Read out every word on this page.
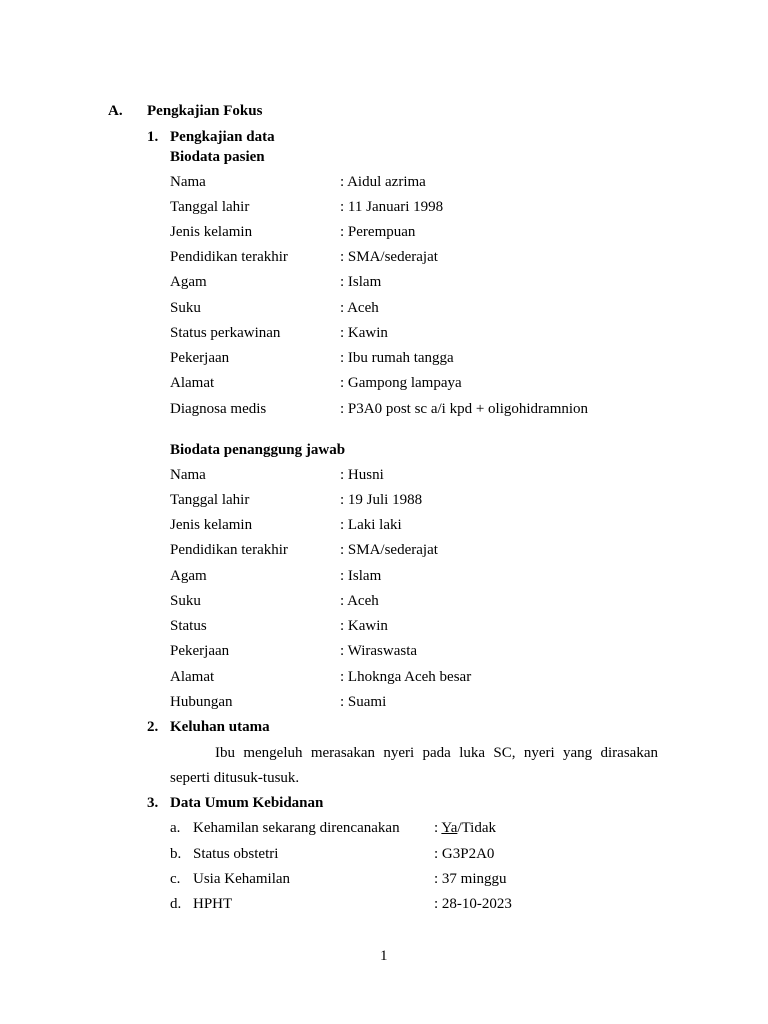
A. Pengkajian Fokus
1. Pengkajian data
Biodata pasien
Nama	: Aidul azrima
Tanggal lahir	: 11 Januari 1998
Jenis kelamin	: Perempuan
Pendidikan terakhir	: SMA/sederajat
Agam	: Islam
Suku	: Aceh
Status perkawinan	: Kawin
Pekerjaan	: Ibu rumah tangga
Alamat	: Gampong lampaya
Diagnosa medis	: P3A0 post sc a/i kpd + oligohidramnion
Biodata penanggung jawab
Nama	: Husni
Tanggal lahir	: 19 Juli 1988
Jenis kelamin	: Laki laki
Pendidikan terakhir	: SMA/sederajat
Agam	: Islam
Suku	: Aceh
Status	: Kawin
Pekerjaan	: Wiraswasta
Alamat	: Lhoknga Aceh besar
Hubungan	: Suami
2. Keluhan utama
Ibu mengeluh merasakan nyeri pada luka SC, nyeri yang dirasakan
seperti ditusuk-tusuk.
3. Data Umum Kebidanan
a. Kehamilan sekarang direncanakan : Ya/Tidak
b. Status obstetri	: G3P2A0
c. Usia Kehamilan	: 37 minggu
d. HPHT	: 28-10-2023
1
